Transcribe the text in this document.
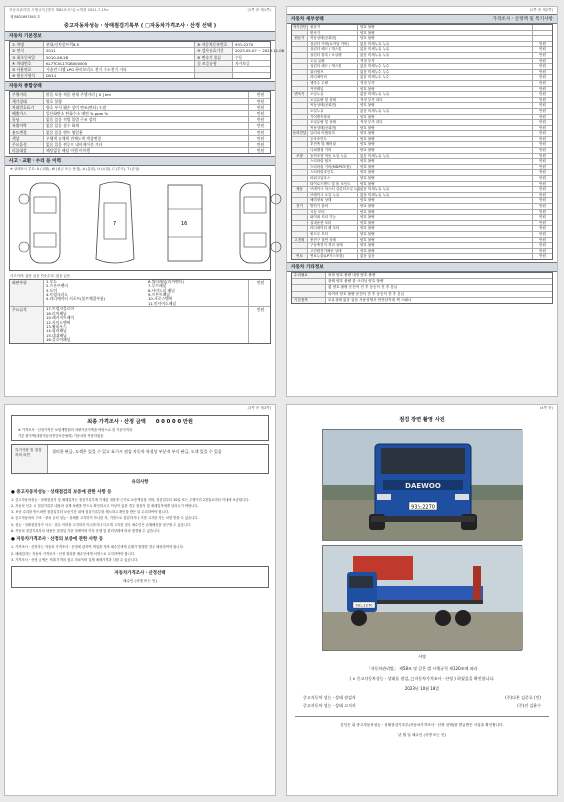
자동차관리법 시행규칙 [별지 제82호서식] <개정 2021.7.15>	(1쪽 중 제1쪽)
제 8831897843 호
중고자동차성능ㆍ상태점검기록부 ( □자동차가격조사ㆍ산정 선택 )
자동차 기본정보
① 차명	현대/신차종트럭6.5	⑧ 자동차등록번호	93노2270
② 연식	2011	⑨ 검사유효기간	2023.05.07 ~ 2023.11.06
③ 최초등록일	2010-06-28	⑩ 변속기 종류	수동
④ 차대번호	KL7TCVL1TGB000000	⑪ 보증유형	자가보증
⑤ 사용연료	가솔린 디젤 LPG 하이브리드 전기 수소전기 기타
⑥ 원동기형식	DV11
자동차 종합상태
주행거리	많음 보통 적음 현재 주행거리 [ 0 ] km	만원
계기상태	양호 불량	만원
차대번호표기	양호 부식 훼손 상이 변조(변타) 도말	만원
배출가스	일산화탄소 탄화수소 매연 % ppm %	만원
튜닝	없음 있음 적법 불법 구조 장치	만원
특별이력	없음 있음 침수 화재	만원
용도변경	없음 있음 렌트 영업용	만원
색상	무채색 유채색 전체도색 색상변경	만원
주요옵션	없음 있음 썬루프 네비게이션 기타	만원
리콜대상	해당없음 해당 이행 미이행	만원
사고ㆍ교환ㆍ수리 등 이력
※ 상태표시 부호: X (교환), W (판금 또는 용접), A (흠집), U (요철), C (부식), T (손상)
7	16
사고이력: 없음 있음 단순수리: 없음 있음
외판부위	1.후드
2.프론트펜더
3.도어
4.트렁크리드
5.라디에이터 서포트(볼트체결부품)
6.쿼터패널(리어펜더)
7.루프패널
8.사이드실 패널
9.프론트패널
10.크로스멤버
11.인사이드패널
만원
주요골격	17.트렁크플로어
18.리어패널
19.패키지트레이
12.사이드멤버
13.휠하우스
14.필러패널
15.대쉬패널
16.플로어패널
만원
(1쪽 중 제2쪽)
자동차 세부상태	가격조사ㆍ산정액 및 특기사항
자기진단	원동기	양호 불량
변속기	양호 불량
원동기	작동상태(공회전)	양호 불량
실린더 커버(로커암 커버)	없음 미세누유 누유	만원
실린더 헤드 / 개스킷	없음 미세누유 누유	만원
실린더 블록 / 오일팬	없음 미세누유 누유	만원
오일 유량	적정 부족	만원
실린더 헤드 / 개스킷	없음 미세누수 누수	만원
워터펌프	없음 미세누수 누수	만원
라디에이터	없음 미세누수 누수	만원
냉각수 수량	적정 부족	만원
커먼레일	양호 불량	만원
변속기	오일누유	없음 미세누유 누유	만원
오일유량 및 상태	적정 부족 과다	만원
작동상태(공회전)	양호 불량	만원
오일누유	없음 미세누유 누유	만원
기어변속장치	양호 불량	만원
오일유량 및 상태	적정 부족 과다	만원
작동상태(공회전)	양호 불량	만원
동력전달	클러치 어셈블리	양호 불량	만원
등속조인트	양호 불량	만원
추진축 및 베어링	양호 불량	만원
디퍼렌셜 기어	양호 불량	만원
조향	동력조향 작동 오일 누유	없음 미세누유 누유	만원
스티어링 펌프	양호 불량	만원
스티어링 기어(MDPS포함)	양호 불량	만원
스티어링조인트	양호 불량	만원
파워고압호스	양호 불량	만원
타이로드엔드 및 볼 조인트	양호 불량	만원
제동	브레이크 마스터 실린더오일 누유 없음 미세누유 누유	만원
브레이크 오일 누유	없음 미세누유 누유	만원
배력장치 상태	양호 불량	만원
전기	발전기 출력	양호 불량	만원
시동 모터	양호 불량	만원
와이퍼 모터 기능	양호 불량	만원
실내송풍 모터	양호 불량	만원
라디에이터 팬 모터	양호 불량	만원
윈도우 모터	양호 불량	만원
고전원	충전구 절연 상태	양호 불량	만원
구동축전지 격리 상태	양호 불량	만원
고전원전기배선 상태	양호 불량	만원
연료	연료누출(LP가스포함)	없음 있음	만원
자동차 기타정보
수리필요	외장 양호 불량 내장 양호 불량
광택 양호 불량 룸 크리닝 양호 불량
휠 양호 불량 운전석 전 후 동승석 전 후 응급
타이어 양호 불량 운전석 전 후 동승석 전 후 응급
기본품목	보유상태 없음 있음 사용설명서 안전삼각대 잭 스패너
(3쪽 중 제3쪽)
최종 가격조사ㆍ산정 금액 0 0 0 0 0 만원
※ 가격조사ㆍ산정가격은 보험개발원의 차량기준가액을 바탕으로 한 기준가격과
기본 평가액(대한자동차진단보증협회) 기준서를 적용하였음
특기사항 및 점검자의 의견
경미한 판금, 도색은 있을 수 있고 표기시 점검 자동차 특성상 부분적 부식 판금, 도색 있을 수 있음
유의사항
● 중고자동차성능ㆍ상태점검의 보증에 관한 사항 등
1. 중고자동차성능ㆍ상태점검자 및 매매업자는 점검기록부에 기재된 내용을 근거로 보증책임을 지며, 점검일부터 30일 또는 주행거리 2천킬로미터 이내에 보증합니다.
2. 자동차 인수 시 점검기록부 내용과 실제 차량을 반드시 확인하시고 이상이 있을 경우 점검자 및 매매업자에게 알리시기 바랍니다.
3. 보증 수리를 받으려면 점검일부터 보증기간 내에 점검기록부를 제시하고 확인을 받은 뒤 수리하여야 합니다.
4. 중고자동차의 구조ㆍ장치 등의 성능ㆍ상태를 고지하지 아니한 자, 거짓으로 점검하거나 거짓 고지한 자는 처벌 받을 수 있습니다.
5. 성능ㆍ상태점검자가 사고ㆍ침수 이력을 고지하지 아니하거나 다르게 고지한 경우 매수인은 손해배상을 청구할 수 있습니다.
6. 자동차 점검기록부의 내용은 점검일 기준 상태이며 이후 운행 및 관리상태에 따라 변경될 수 있습니다.
● 자동차가격조사ㆍ산정의 보증에 관한 사항 등
1. 가격조사ㆍ산정자는 자동차 가격조사ㆍ산정에 관하여 책임을 지며 매수인에게 손해가 발생한 경우 배상하여야 합니다.
2. 매매업자는 자동차 가격조사ㆍ산정 결과를 매수인에게 서면으로 고지하여야 합니다.
3. 가격조사ㆍ산정 금액은 거래 가격의 참고 자료이며 실제 매매가격과 다를 수 있습니다.
자동차가격조사ㆍ산정선택
매수인 (서명 또는 인)
(4쪽 중)
점검 장면 촬영 사진
DAEWOO
93노2270
93노2270
서명
「자동차관리법」 제58조 및 같은 법 시행규칙 제120조에 따라
( ∨ 중고자동차성능ㆍ상태를 점검, □자동차가격조사ㆍ산정 ) 하였음을 확인합니다.
2023년 10월 18일
중고자동차 성능ㆍ상태 점검자	(주)다본 김준호 (인)
중고자동차 성능ㆍ상태 고지자	(주)진 김윤수
본인은 위 중고자동차성능ㆍ상태점검기록부(자동차가격조사ㆍ산정 선택)를 발급받은 사실을 확인합니다.
년 월 일 매수인 (서명 또는 인)
